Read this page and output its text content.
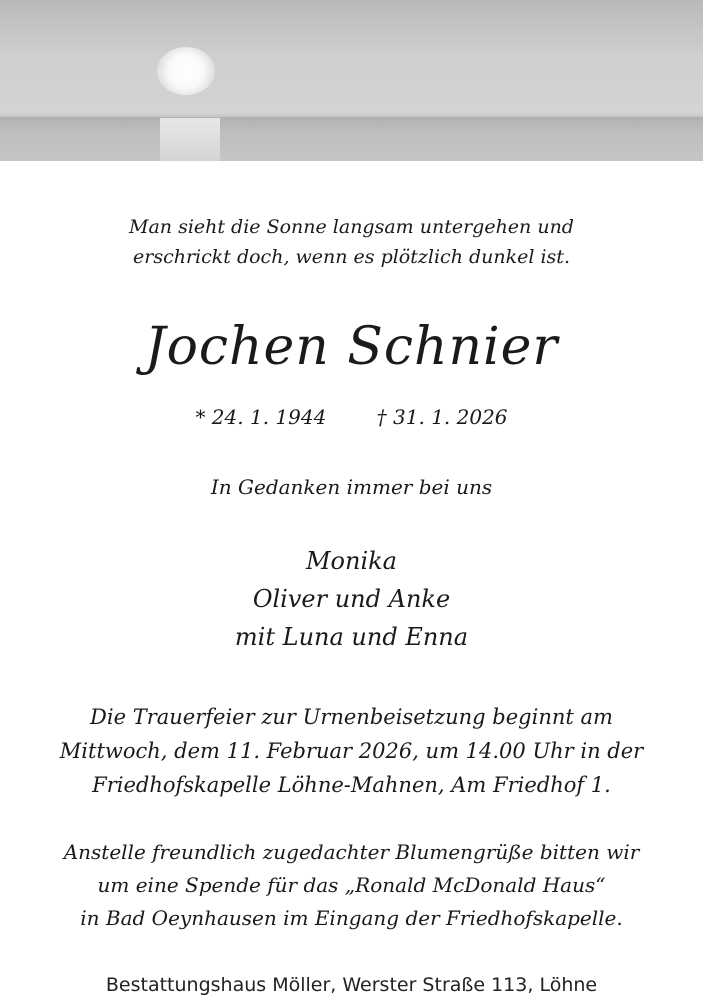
Man sieht die Sonne langsam untergehen und
erschrickt doch, wenn es plötzlich dunkel ist.
Jochen Schnier
* 24. 1. 1944	† 31. 1. 2026
In Gedanken immer bei uns
Monika
Oliver und Anke
mit Luna und Enna
Die Trauerfeier zur Urnenbeisetzung beginnt am
Mittwoch, dem 11. Februar 2026, um 14.00 Uhr in der
Friedhofskapelle Löhne-Mahnen, Am Friedhof 1.
Anstelle freundlich zugedachter Blumengrüße bitten wir
um eine Spende für das „Ronald McDonald Haus“
in Bad Oeynhausen im Eingang der Friedhofskapelle.
Bestattungshaus Möller, Werster Straße 113, Löhne
